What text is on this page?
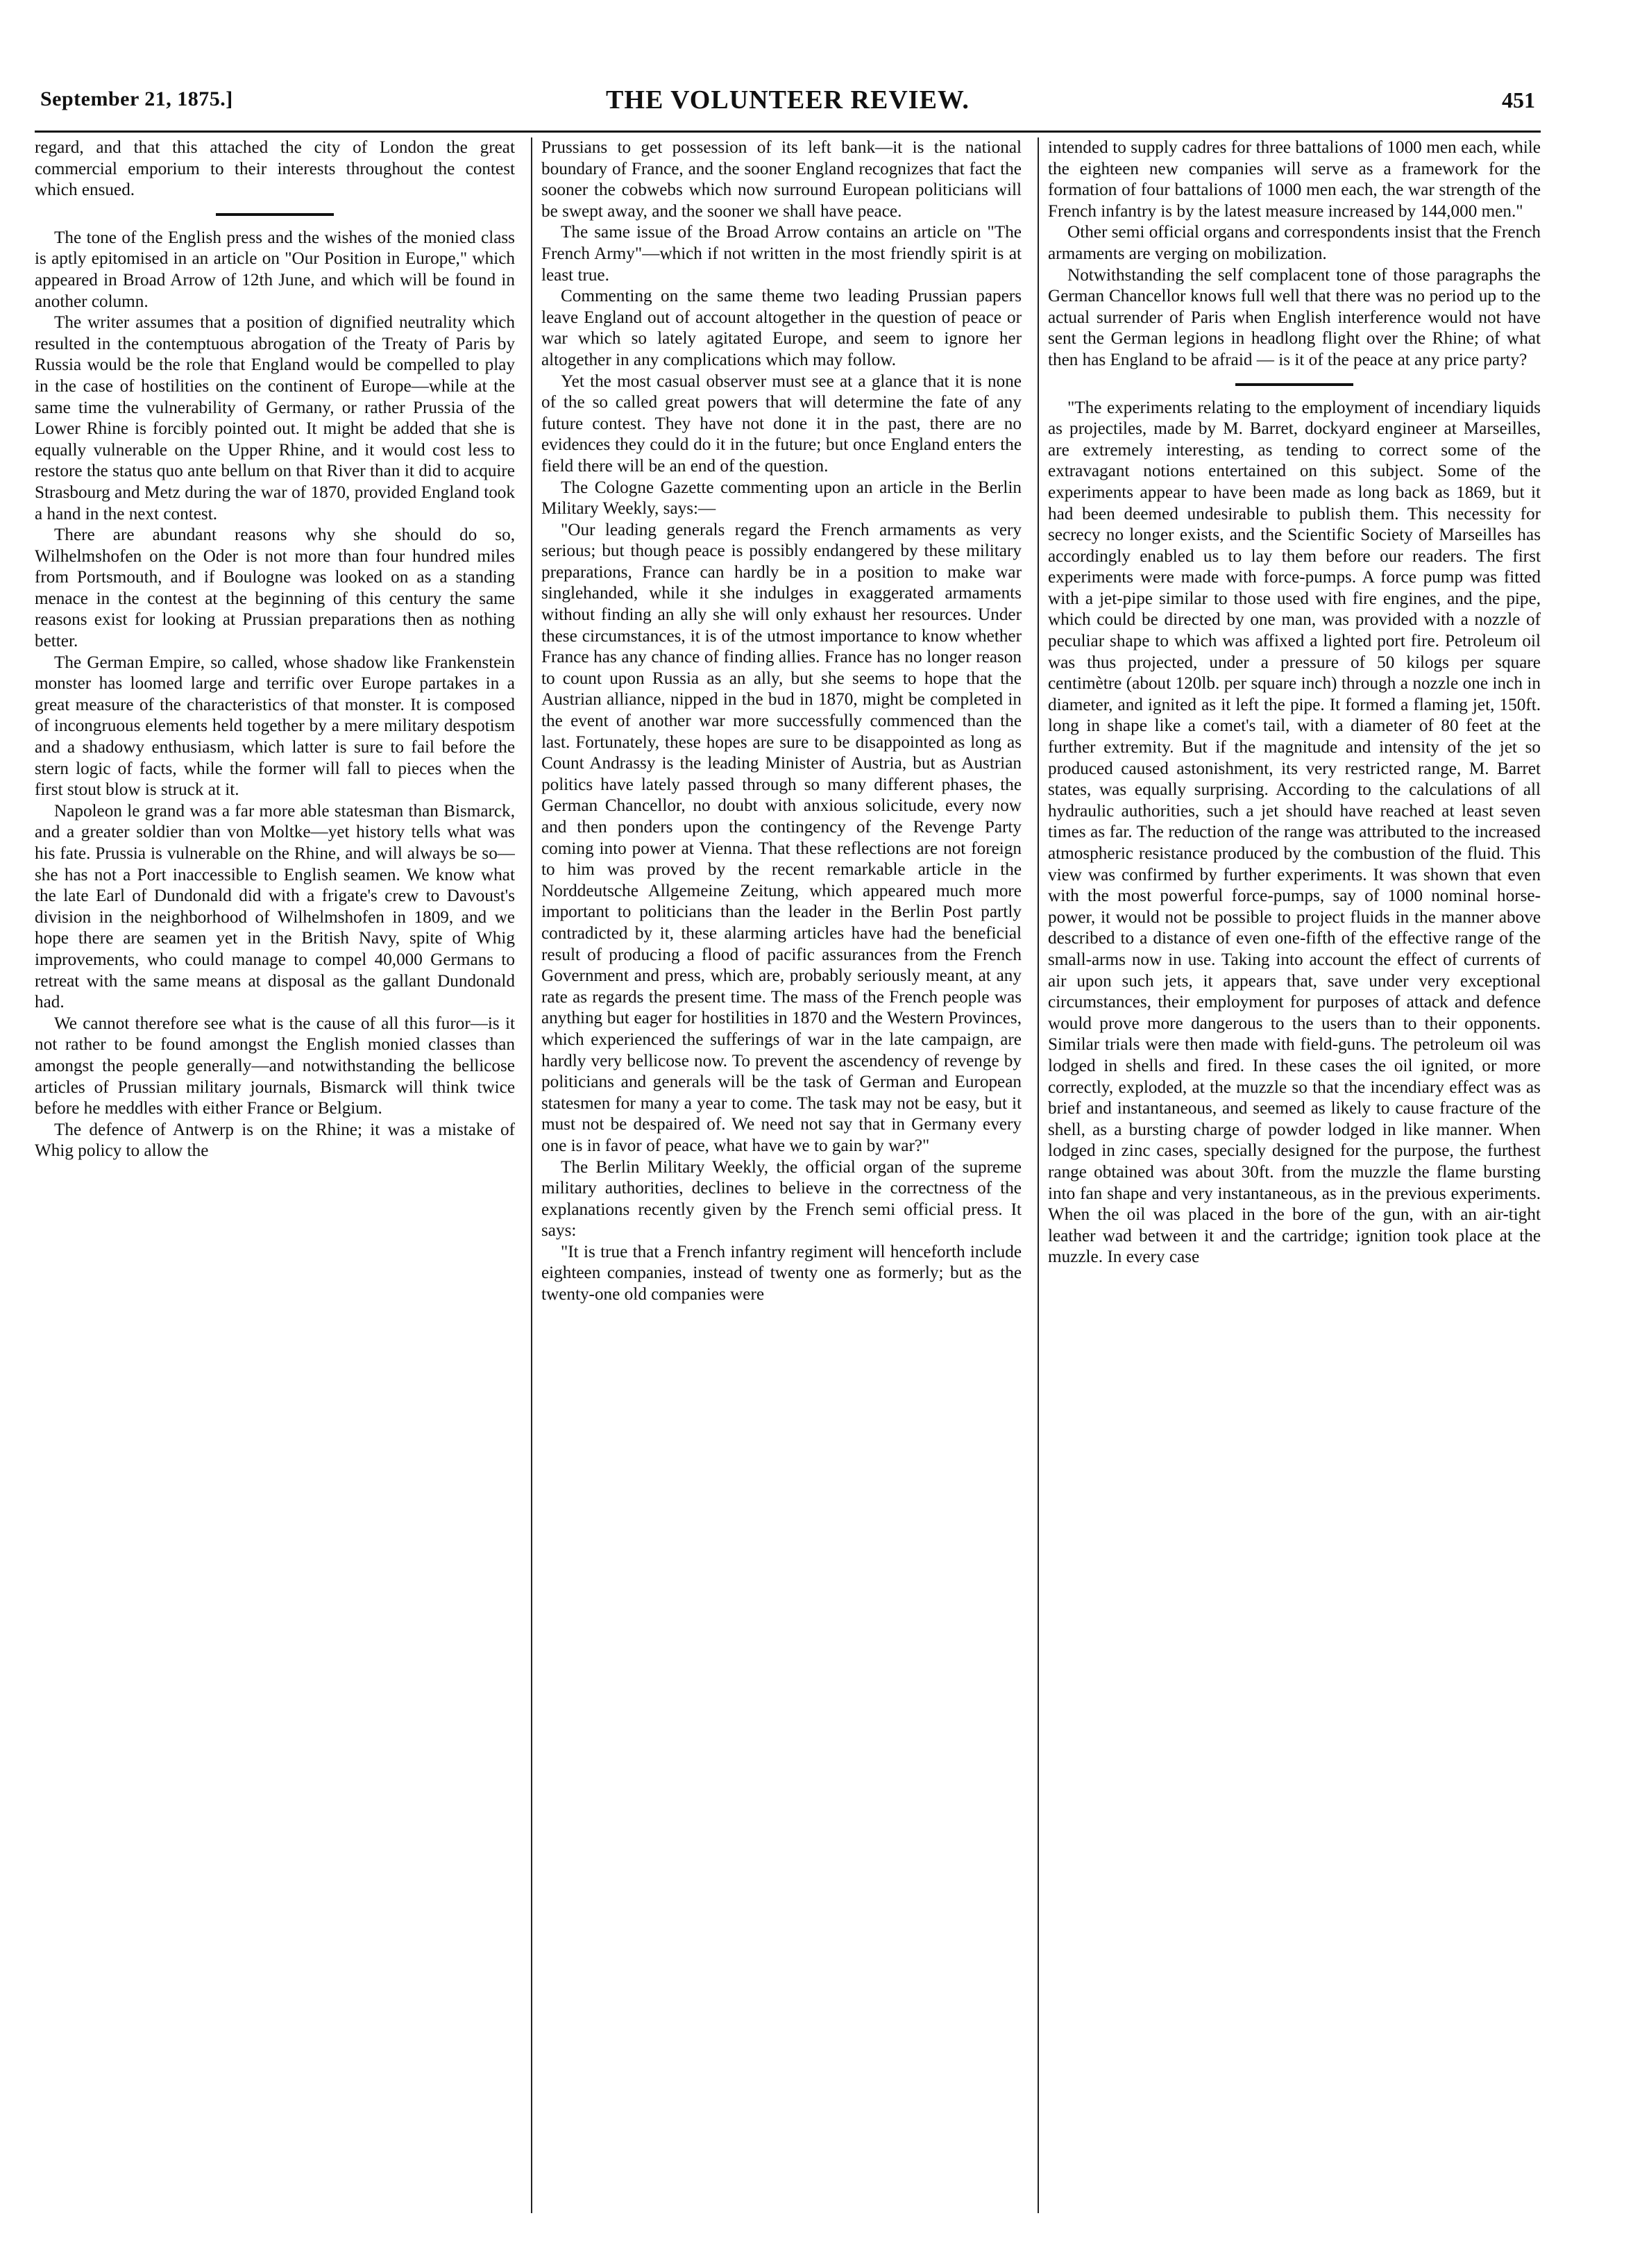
September 21, 1875.]	THE VOLUNTEER REVIEW.	451

regard, and that this attached the city of London the great commercial emporium to their interests throughout the contest which ensued.

The tone of the English press and the wishes of the monied class is aptly epitomised in an article on "Our Position in Europe," which appeared in Broad Arrow of 12th June, and which will be found in another column.

The writer assumes that a position of dignified neutrality which resulted in the contemptuous abrogation of the Treaty of Paris by Russia would be the role that England would be compelled to play in the case of hostilities on the continent of Europe—while at the same time the vulnerability of Germany, or rather Prussia of the Lower Rhine is forcibly pointed out. It might be added that she is equally vulnerable on the Upper Rhine, and it would cost less to restore the status quo ante bellum on that River than it did to acquire Strasbourg and Metz during the war of 1870, provided England took a hand in the next contest.

There are abundant reasons why she should do so, Wilhelmshofen on the Oder is not more than four hundred miles from Portsmouth, and if Boulogne was looked on as a standing menace in the contest at the beginning of this century the same reasons exist for looking at Prussian preparations then as nothing better.

The German Empire, so called, whose shadow like Frankenstein monster has loomed large and terrific over Europe partakes in a great measure of the characteristics of that monster. It is composed of incongruous elements held together by a mere military despotism and a shadowy enthusiasm, which latter is sure to fail before the stern logic of facts, while the former will fall to pieces when the first stout blow is struck at it.

Napoleon le grand was a far more able statesman than Bismarck, and a greater soldier than von Moltke—yet history tells what was his fate. Prussia is vulnerable on the Rhine, and will always be so—she has not a Port inaccessible to English seamen. We know what the late Earl of Dundonald did with a frigate's crew to Davoust's division in the neighborhood of Wilhelmshofen in 1809, and we hope there are seamen yet in the British Navy, spite of Whig improvements, who could manage to compel 40,000 Germans to retreat with the same means at disposal as the gallant Dundonald had.

We cannot therefore see what is the cause of all this furor—is it not rather to be found amongst the English monied classes than amongst the people generally—and notwithstanding the bellicose articles of Prussian military journals, Bismarck will think twice before he meddles with either France or Belgium.

The defence of Antwerp is on the Rhine; it was a mistake of Whig policy to allow the

Prussians to get possession of its left bank—it is the national boundary of France, and the sooner England recognizes that fact the sooner the cobwebs which now surround European politicians will be swept away, and the sooner we shall have peace.

The same issue of the Broad Arrow contains an article on "The French Army"—which if not written in the most friendly spirit is at least true.

Commenting on the same theme two leading Prussian papers leave England out of account altogether in the question of peace or war which so lately agitated Europe, and seem to ignore her altogether in any complications which may follow.

Yet the most casual observer must see at a glance that it is none of the so called great powers that will determine the fate of any future contest. They have not done it in the past, there are no evidences they could do it in the future; but once England enters the field there will be an end of the question.

The Cologne Gazette commenting upon an article in the Berlin Military Weekly, says:—

"Our leading generals regard the French armaments as very serious; but though peace is possibly endangered by these military preparations, France can hardly be in a position to make war singlehanded, while it she indulges in exaggerated armaments without finding an ally she will only exhaust her resources. Under these circumstances, it is of the utmost importance to know whether France has any chance of finding allies. France has no longer reason to count upon Russia as an ally, but she seems to hope that the Austrian alliance, nipped in the bud in 1870, might be completed in the event of another war more successfully commenced than the last. Fortunately, these hopes are sure to be disappointed as long as Count Andrassy is the leading Minister of Austria, but as Austrian politics have lately passed through so many different phases, the German Chancellor, no doubt with anxious solicitude, every now and then ponders upon the contingency of the Revenge Party coming into power at Vienna. That these reflections are not foreign to him was proved by the recent remarkable article in the Norddeutsche Allgemeine Zeitung, which appeared much more important to politicians than the leader in the Berlin Post partly contradicted by it, these alarming articles have had the beneficial result of producing a flood of pacific assurances from the French Government and press, which are, probably seriously meant, at any rate as regards the present time. The mass of the French people was anything but eager for hostilities in 1870 and the Western Provinces, which experienced the sufferings of war in the late campaign, are hardly very bellicose now. To prevent the ascendency of revenge by politicians and generals will be the task of German and European statesmen for many a year to come. The task may not be easy, but it must not be despaired of. We need not say that in Germany every one is in favor of peace, what have we to gain by war?"

The Berlin Military Weekly, the official organ of the supreme military authorities, declines to believe in the correctness of the explanations recently given by the French semi official press. It says:

"It is true that a French infantry regiment will henceforth include eighteen companies, instead of twenty one as formerly; but as the twenty-one old companies were

intended to supply cadres for three battalions of 1000 men each, while the eighteen new companies will serve as a framework for the formation of four battalions of 1000 men each, the war strength of the French infantry is by the latest measure increased by 144,000 men."

Other semi official organs and correspondents insist that the French armaments are verging on mobilization.

Notwithstanding the self complacent tone of those paragraphs the German Chancellor knows full well that there was no period up to the actual surrender of Paris when English interference would not have sent the German legions in headlong flight over the Rhine; of what then has England to be afraid — is it of the peace at any price party?

"The experiments relating to the employment of incendiary liquids as projectiles, made by M. Barret, dockyard engineer at Marseilles, are extremely interesting, as tending to correct some of the extravagant notions entertained on this subject. Some of the experiments appear to have been made as long back as 1869, but it had been deemed undesirable to publish them. This necessity for secrecy no longer exists, and the Scientific Society of Marseilles has accordingly enabled us to lay them before our readers. The first experiments were made with force-pumps. A force pump was fitted with a jet-pipe similar to those used with fire engines, and the pipe, which could be directed by one man, was provided with a nozzle of peculiar shape to which was affixed a lighted port fire. Petroleum oil was thus projected, under a pressure of 50 kilogs per square centimètre (about 120lb. per square inch) through a nozzle one inch in diameter, and ignited as it left the pipe. It formed a flaming jet, 150ft. long in shape like a comet's tail, with a diameter of 80 feet at the further extremity. But if the magnitude and intensity of the jet so produced caused astonishment, its very restricted range, M. Barret states, was equally surprising. According to the calculations of all hydraulic authorities, such a jet should have reached at least seven times as far. The reduction of the range was attributed to the increased atmospheric resistance produced by the combustion of the fluid. This view was confirmed by further experiments. It was shown that even with the most powerful force-pumps, say of 1000 nominal horse-power, it would not be possible to project fluids in the manner above described to a distance of even one-fifth of the effective range of the small-arms now in use. Taking into account the effect of currents of air upon such jets, it appears that, save under very exceptional circumstances, their employment for purposes of attack and defence would prove more dangerous to the users than to their opponents. Similar trials were then made with field-guns. The petroleum oil was lodged in shells and fired. In these cases the oil ignited, or more correctly, exploded, at the muzzle so that the incendiary effect was as brief and instantaneous, and seemed as likely to cause fracture of the shell, as a bursting charge of powder lodged in like manner. When lodged in zinc cases, specially designed for the purpose, the furthest range obtained was about 30ft. from the muzzle the flame bursting into fan shape and very instantaneous, as in the previous experiments. When the oil was placed in the bore of the gun, with an air-tight leather wad between it and the cartridge; ignition took place at the muzzle. In every case
